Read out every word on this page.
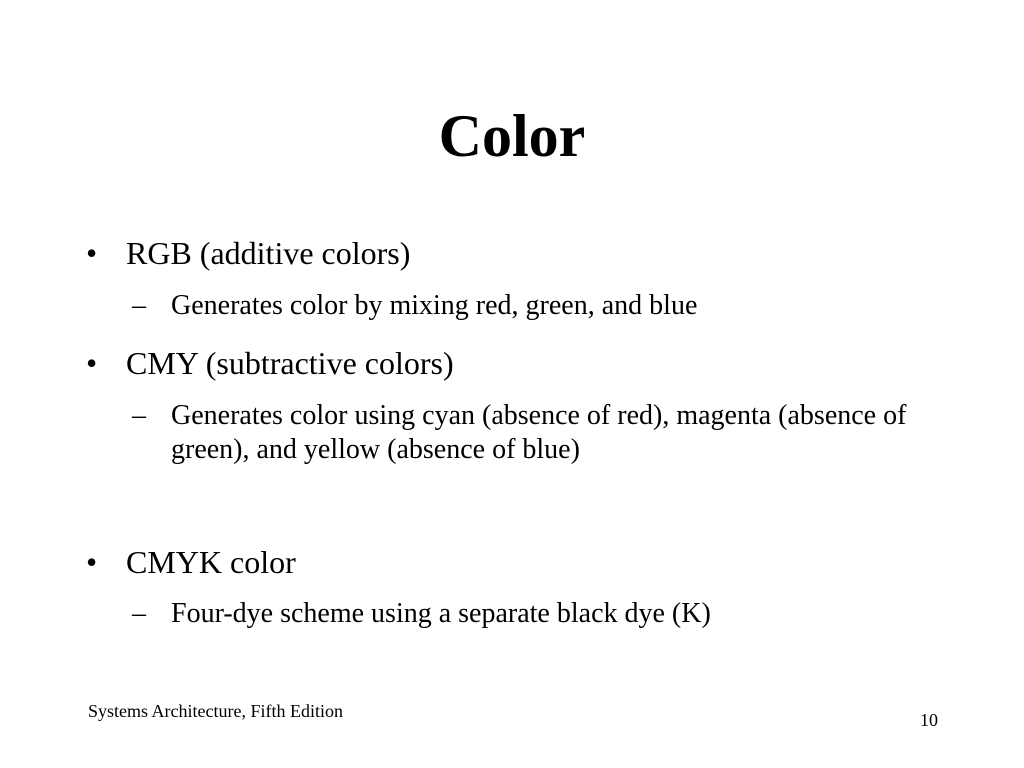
Color
• RGB (additive colors)
– Generates color by mixing red, green, and blue
• CMY (subtractive colors)
– Generates color using cyan (absence of red), magenta (absence of green), and yellow (absence of blue)
• CMYK color
– Four-dye scheme using a separate black dye (K)
Systems Architecture, Fifth Edition	10
